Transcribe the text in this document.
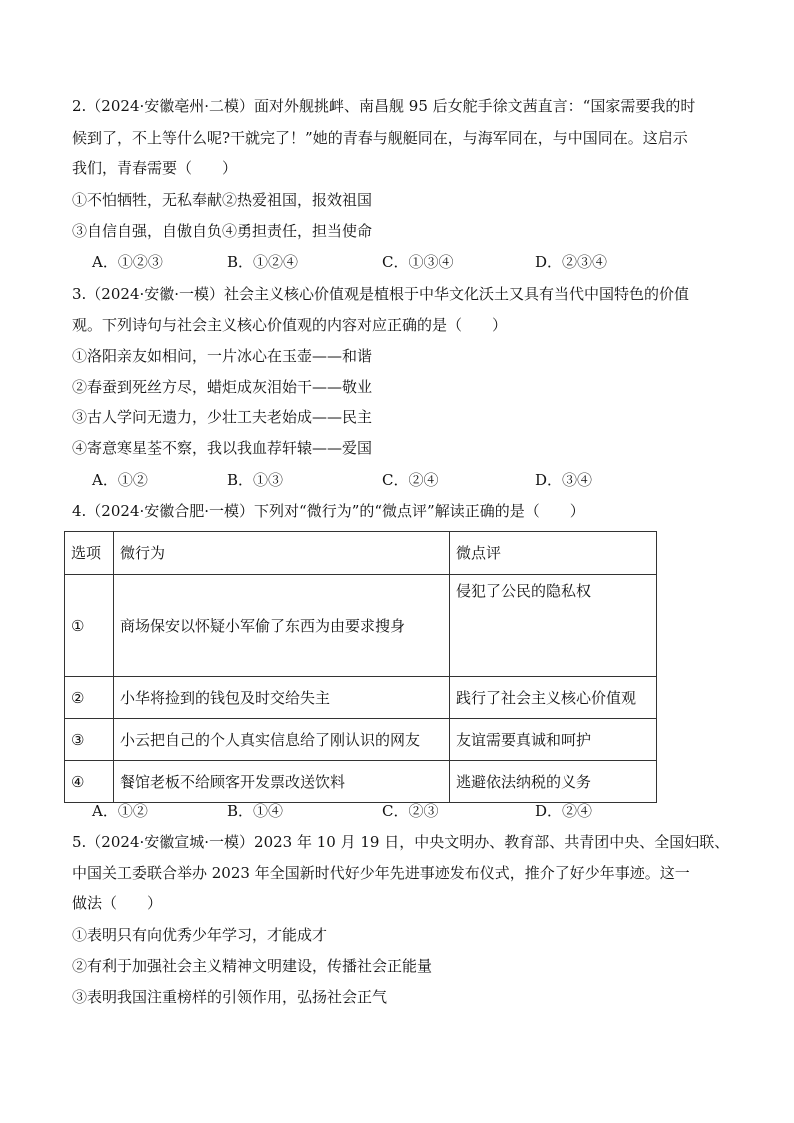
2.（2024·安徽亳州·二模）面对外舰挑衅、南昌舰 95 后女舵手徐文茜直言：“国家需要我的时
候到了，不上等什么呢?干就完了！”她的青春与舰艇同在，与海军同在，与中国同在。这启示
我们，青春需要（　　）
①不怕牺牲，无私奉献②热爱祖国，报效祖国
③自信自强，自傲自负④勇担责任，担当使命
A．①②③	B．①②④	C．①③④	D．②③④
3.（2024·安徽·一模）社会主义核心价值观是植根于中华文化沃土又具有当代中国特色的价值
观。下列诗句与社会主义核心价值观的内容对应正确的是（　　）
①洛阳亲友如相问，一片冰心在玉壶——和谐
②春蚕到死丝方尽，蜡炬成灰泪始干——敬业
③古人学问无遗力，少壮工夫老始成——民主
④寄意寒星荃不察，我以我血荐轩辕——爱国
A．①②	B．①③	C．②④	D．③④
4.（2024·安徽合肥·一模）下列对“微行为”的“微点评”解读正确的是（　　）
选项	微行为	微点评
①	商场保安以怀疑小军偷了东西为由要求搜身	侵犯了公民的隐私权
②	小华将捡到的钱包及时交给失主	践行了社会主义核心价值观
③	小云把自己的个人真实信息给了刚认识的网友	友谊需要真诚和呵护
④	餐馆老板不给顾客开发票改送饮料	逃避依法纳税的义务
A．①②	B．①④	C．②③	D．②④
5.（2024·安徽宣城·一模）2023 年 10 月 19 日，中央文明办、教育部、共青团中央、全国妇联、
中国关工委联合举办 2023 年全国新时代好少年先进事迹发布仪式，推介了好少年事迹。这一
做法（　　）
①表明只有向优秀少年学习，才能成才
②有利于加强社会主义精神文明建设，传播社会正能量
③表明我国注重榜样的引领作用，弘扬社会正气
